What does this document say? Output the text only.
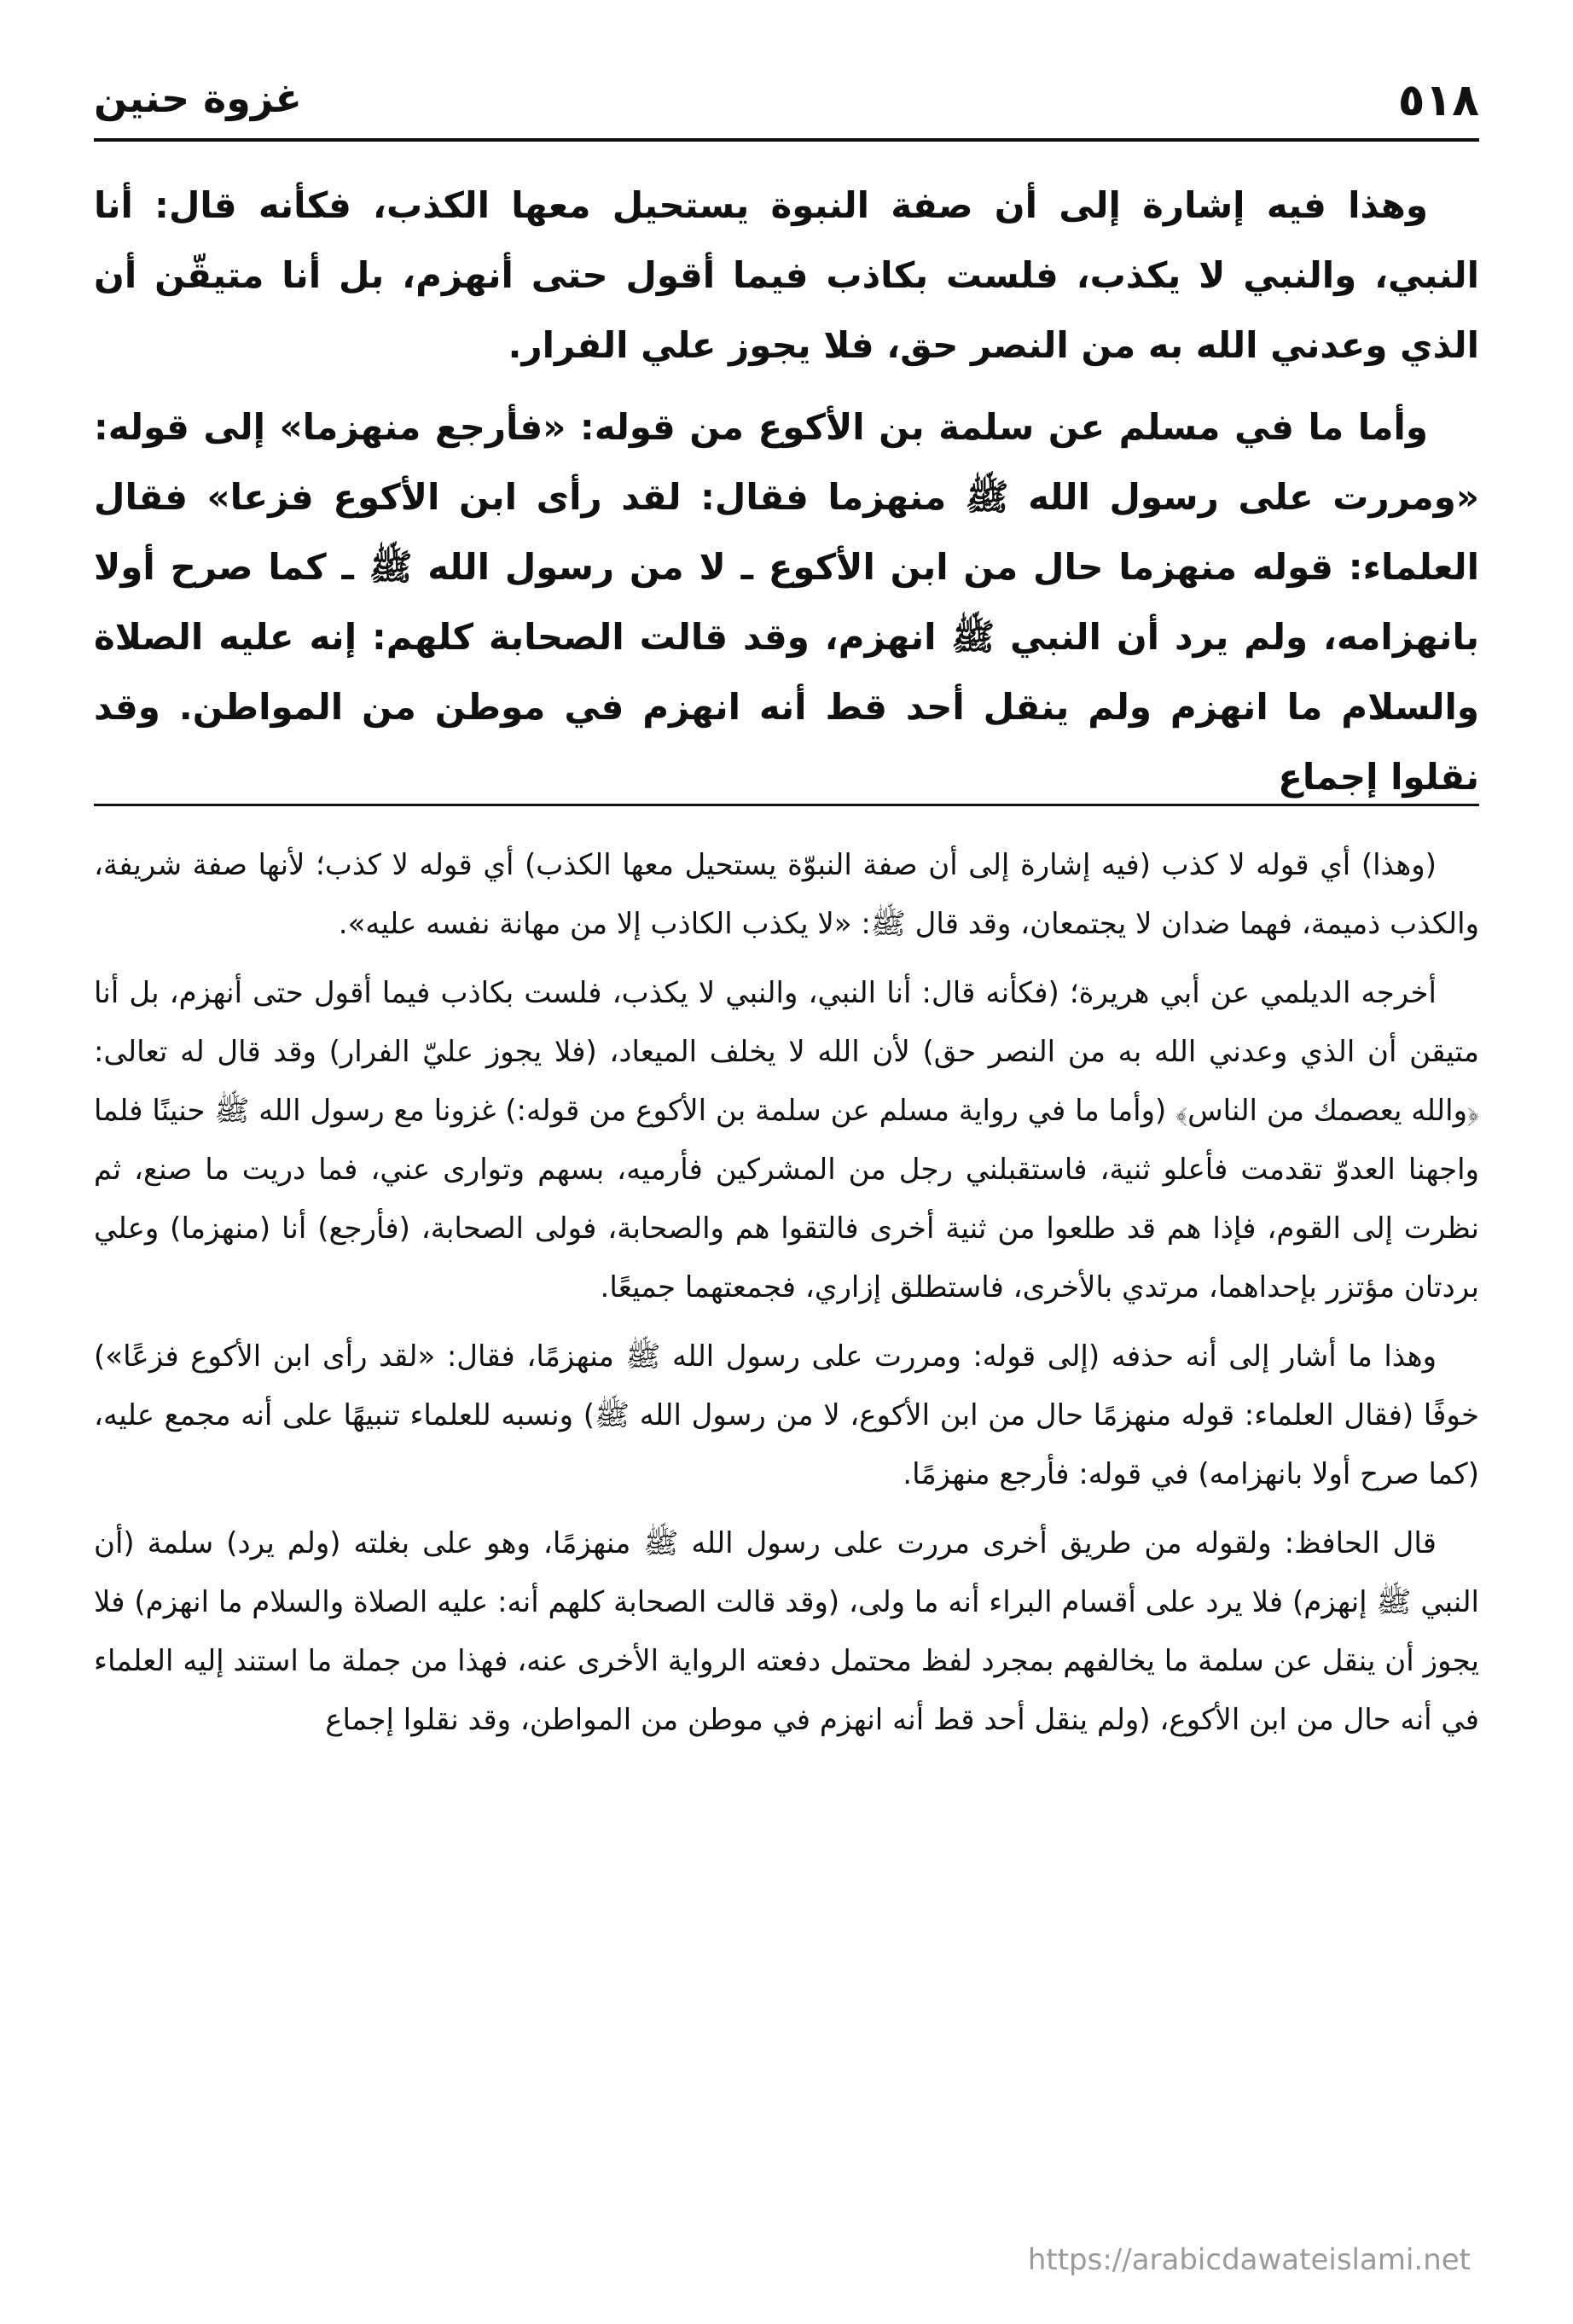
٥١٨
غزوة حنين

وهذا فيه إشارة إلى أن صفة النبوة يستحيل معها الكذب، فكأنه قال: أنا النبي، والنبي لا يكذب، فلست بكاذب فيما أقول حتى أنهزم، بل أنا متيقّن أن الذي وعدني الله به من النصر حق، فلا يجوز علي الفرار.

وأما ما في مسلم عن سلمة بن الأكوع من قوله: «فأرجع منهزما» إلى قوله: «ومررت على رسول الله ﷺ منهزما فقال: لقد رأى ابن الأكوع فزعا» فقال العلماء: قوله منهزما حال من ابن الأكوع ـ لا من رسول الله ﷺ ـ كما صرح أولا بانهزامه، ولم يرد أن النبي ﷺ انهزم، وقد قالت الصحابة كلهم: إنه عليه الصلاة والسلام ما انهزم ولم ينقل أحد قط أنه انهزم في موطن من المواطن. وقد نقلوا إجماع

(وهذا) أي قوله لا كذب (فيه إشارة إلى أن صفة النبوّة يستحيل معها الكذب) أي قوله لا كذب؛ لأنها صفة شريفة، والكذب ذميمة، فهما ضدان لا يجتمعان، وقد قال ﷺ: «لا يكذب الكاذب إلا من مهانة نفسه عليه».

أخرجه الديلمي عن أبي هريرة؛ (فكأنه قال: أنا النبي، والنبي لا يكذب، فلست بكاذب فيما أقول حتى أنهزم، بل أنا متيقن أن الذي وعدني الله به من النصر حق) لأن الله لا يخلف الميعاد، (فلا يجوز عليّ الفرار) وقد قال له تعالى: ﴿والله يعصمك من الناس﴾ (وأما ما في رواية مسلم عن سلمة بن الأكوع من قوله:) غزونا مع رسول الله ﷺ حنينًا فلما واجهنا العدوّ تقدمت فأعلو ثنية، فاستقبلني رجل من المشركين فأرميه، بسهم وتوارى عني، فما دريت ما صنع، ثم نظرت إلى القوم، فإذا هم قد طلعوا من ثنية أخرى فالتقوا هم والصحابة، فولى الصحابة، (فأرجع) أنا (منهزما) وعلي بردتان مؤتزر بإحداهما، مرتدي بالأخرى، فاستطلق إزاري، فجمعتهما جميعًا.

وهذا ما أشار إلى أنه حذفه (إلى قوله: ومررت على رسول الله ﷺ منهزمًا، فقال: «لقد رأى ابن الأكوع فزعًا») خوفًا (فقال العلماء: قوله منهزمًا حال من ابن الأكوع، لا من رسول الله ﷺ) ونسبه للعلماء تنبيهًا على أنه مجمع عليه، (كما صرح أولا بانهزامه) في قوله: فأرجع منهزمًا.

قال الحافظ: ولقوله من طريق أخرى مررت على رسول الله ﷺ منهزمًا، وهو على بغلته (ولم يرد) سلمة (أن النبي ﷺ إنهزم) فلا يرد على أقسام البراء أنه ما ولى، (وقد قالت الصحابة كلهم أنه: عليه الصلاة والسلام ما انهزم) فلا يجوز أن ينقل عن سلمة ما يخالفهم بمجرد لفظ محتمل دفعته الرواية الأخرى عنه، فهذا من جملة ما استند إليه العلماء في أنه حال من ابن الأكوع، (ولم ينقل أحد قط أنه انهزم في موطن من المواطن، وقد نقلوا إجماع

https://arabicdawateislami.net
